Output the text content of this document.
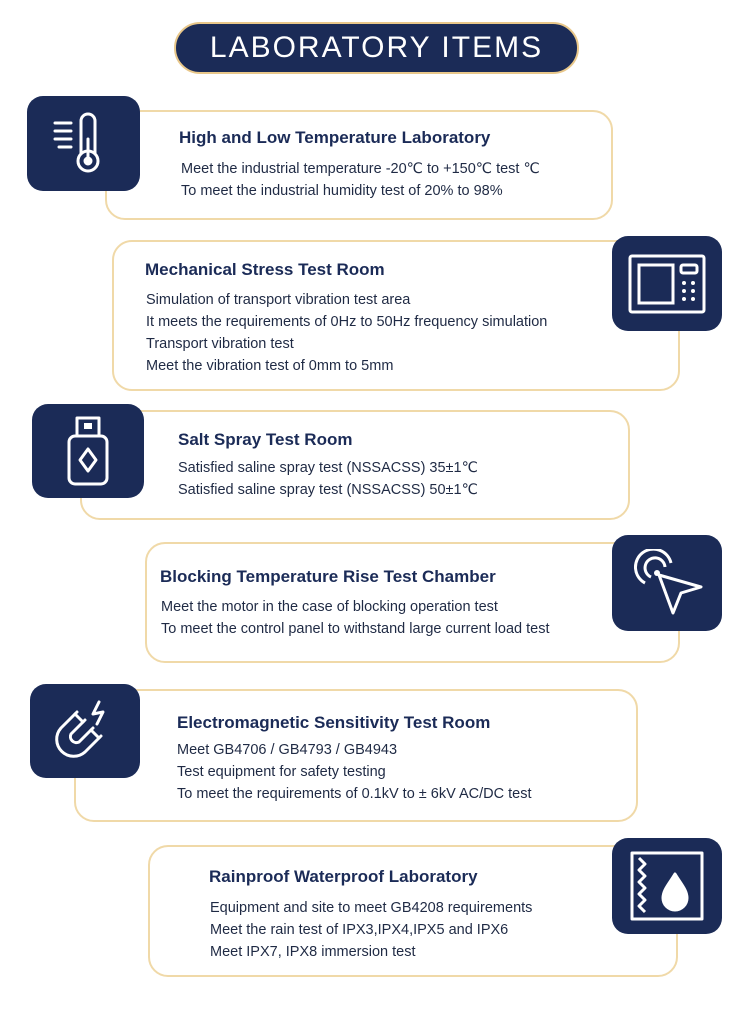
LABORATORY ITEMS
High and Low Temperature Laboratory
Meet the industrial temperature -20℃ to +150℃ test ℃
To meet the industrial humidity test of 20% to 98%
Mechanical Stress Test Room
Simulation of transport vibration test area
It meets the requirements of 0Hz to 50Hz frequency simulation
Transport vibration test
Meet the vibration test of 0mm to 5mm
Salt Spray Test Room
Satisfied saline spray test (NSSACSS) 35±1℃
Satisfied saline spray test (NSSACSS) 50±1℃
Blocking Temperature Rise Test Chamber
Meet the motor in the case of blocking operation test
To meet the control panel to withstand large current load test
Electromagnetic Sensitivity Test Room
Meet GB4706 / GB4793 / GB4943
Test equipment for safety testing
To meet the requirements of 0.1kV to ± 6kV AC/DC test
Rainproof Waterproof Laboratory
Equipment and site to meet GB4208 requirements
Meet the rain test of IPX3,IPX4,IPX5 and IPX6
Meet IPX7, IPX8 immersion test
